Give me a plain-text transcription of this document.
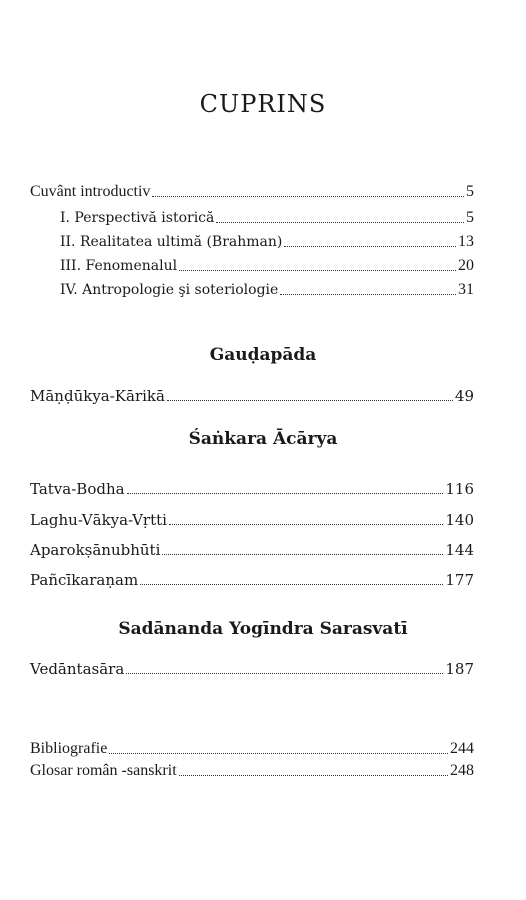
CUPRINS
Cuvânt introductiv	5
I. Perspectivă istorică	5
II. Realitatea ultimă (Brahman)	13
III. Fenomenalul	20
IV. Antropologie şi soteriologie	31
Gauḍapāda
Māṇḍūkya-Kārikā	49
Śaṅkara Ācārya
Tatva-Bodha	116
Laghu-Vākya-Vṛtti	140
Aparokṣānubhūti	144
Pañcīkaraṇam	177
Sadānanda Yogīndra Sarasvatī
Vedāntasāra	187
Bibliografie	244
Glosar român -sanskrit	248
